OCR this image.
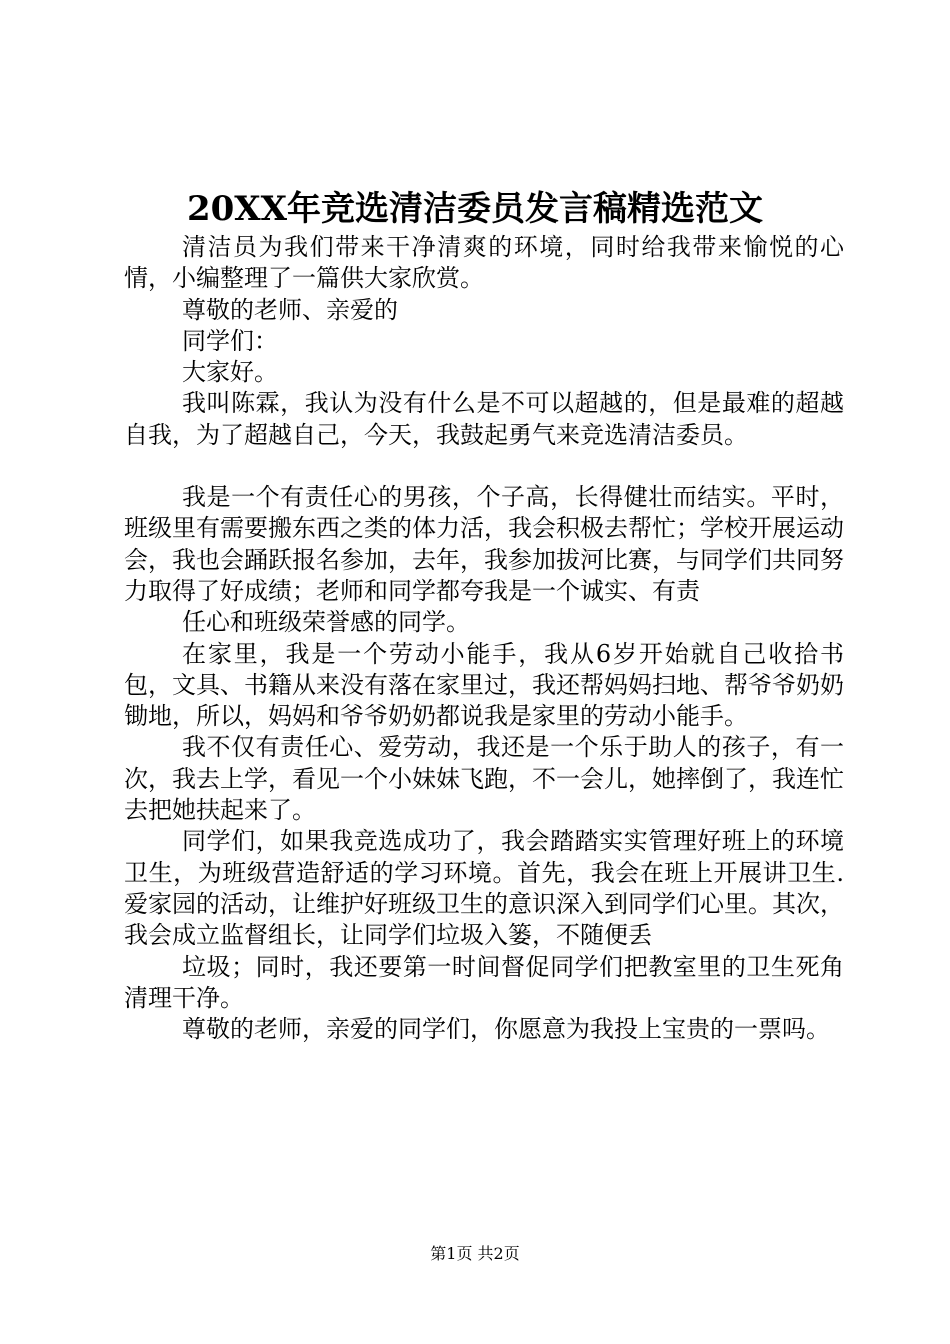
20XX年竞选清洁委员发言稿精选范文

清洁员为我们带来干净清爽的环境，同时给我带来愉悦的心情，小编整理了一篇供大家欣赏。

尊敬的老师、亲爱的

同学们：

大家好。

我叫陈霖，我认为没有什么是不可以超越的，但是最难的超越自我，为了超越自己，今天，我鼓起勇气来竞选清洁委员。

我是一个有责任心的男孩，个子高，长得健壮而结实。平时，班级里有需要搬东西之类的体力活，我会积极去帮忙；学校开展运动会，我也会踊跃报名参加，去年，我参加拔河比赛，与同学们共同努力取得了好成绩；老师和同学都夸我是一个诚实、有责

任心和班级荣誉感的同学。

在家里，我是一个劳动小能手，我从6岁开始就自己收拾书包，文具、书籍从来没有落在家里过，我还帮妈妈扫地、帮爷爷奶奶锄地，所以，妈妈和爷爷奶奶都说我是家里的劳动小能手。

我不仅有责任心、爱劳动，我还是一个乐于助人的孩子，有一次，我去上学，看见一个小妹妹飞跑，不一会儿，她摔倒了，我连忙去把她扶起来了。

同学们，如果我竞选成功了，我会踏踏实实管理好班上的环境卫生，为班级营造舒适的学习环境。首先，我会在班上开展讲卫生.爱家园的活动，让维护好班级卫生的意识深入到同学们心里。其次，我会成立监督组长，让同学们垃圾入篓，不随便丢

垃圾；同时，我还要第一时间督促同学们把教室里的卫生死角清理干净。

尊敬的老师，亲爱的同学们，你愿意为我投上宝贵的一票吗。

第1页 共2页
